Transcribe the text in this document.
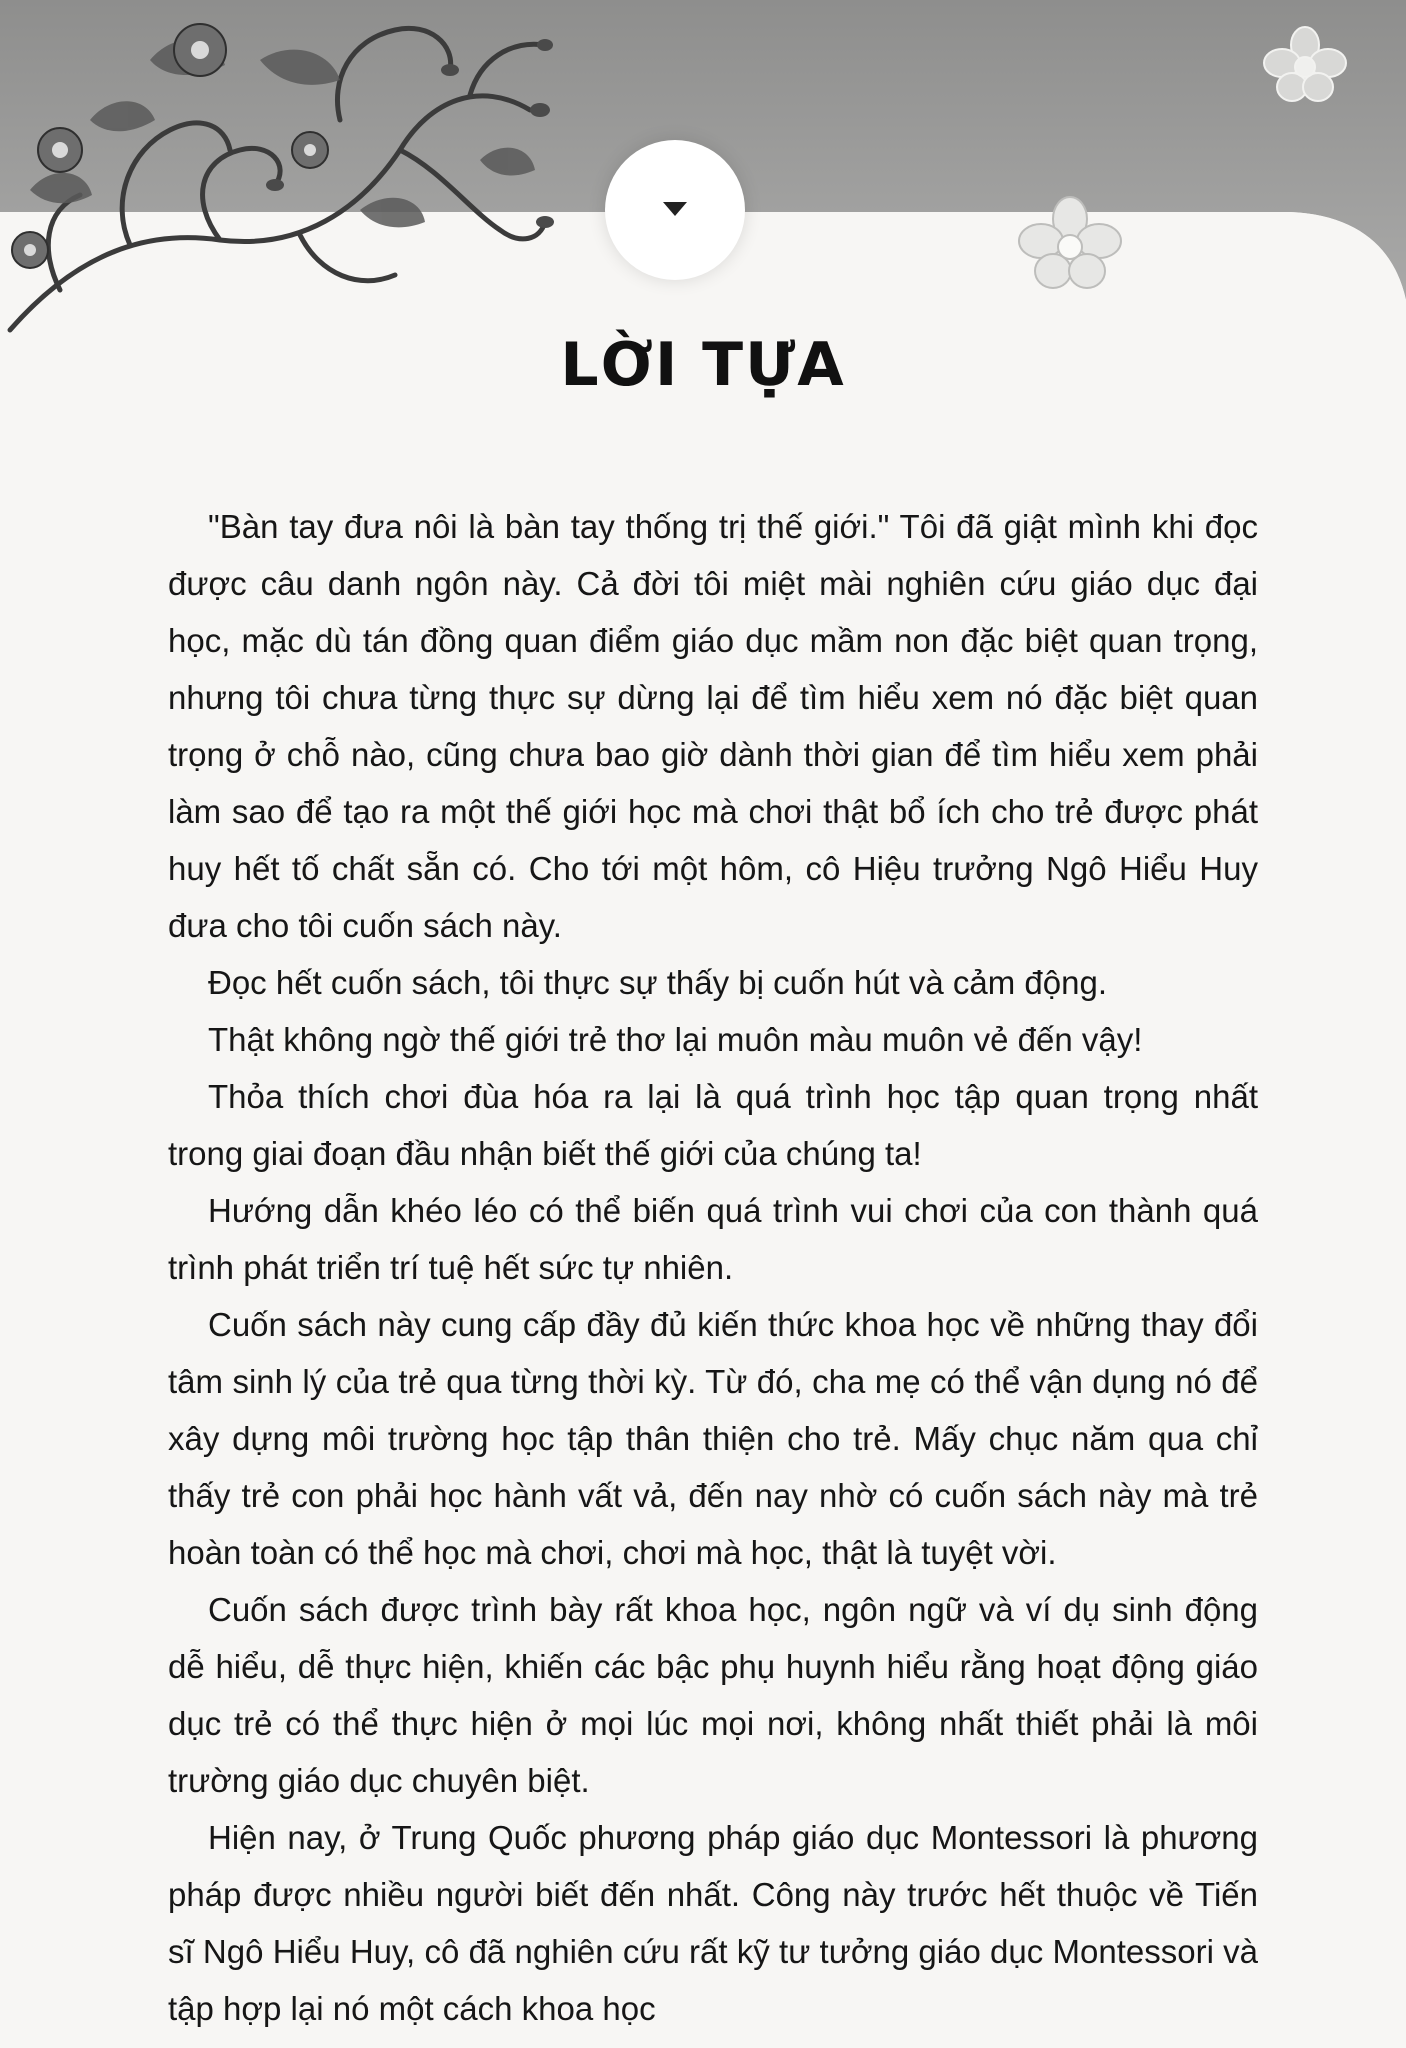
LỜI TỰA

"Bàn tay đưa nôi là bàn tay thống trị thế giới." Tôi đã giật mình khi đọc được câu danh ngôn này. Cả đời tôi miệt mài nghiên cứu giáo dục đại học, mặc dù tán đồng quan điểm giáo dục mầm non đặc biệt quan trọng, nhưng tôi chưa từng thực sự dừng lại để tìm hiểu xem nó đặc biệt quan trọng ở chỗ nào, cũng chưa bao giờ dành thời gian để tìm hiểu xem phải làm sao để tạo ra một thế giới học mà chơi thật bổ ích cho trẻ được phát huy hết tố chất sẵn có. Cho tới một hôm, cô Hiệu trưởng Ngô Hiểu Huy đưa cho tôi cuốn sách này.

Đọc hết cuốn sách, tôi thực sự thấy bị cuốn hút và cảm động.

Thật không ngờ thế giới trẻ thơ lại muôn màu muôn vẻ đến vậy!

Thỏa thích chơi đùa hóa ra lại là quá trình học tập quan trọng nhất trong giai đoạn đầu nhận biết thế giới của chúng ta!

Hướng dẫn khéo léo có thể biến quá trình vui chơi của con thành quá trình phát triển trí tuệ hết sức tự nhiên.

Cuốn sách này cung cấp đầy đủ kiến thức khoa học về những thay đổi tâm sinh lý của trẻ qua từng thời kỳ. Từ đó, cha mẹ có thể vận dụng nó để xây dựng môi trường học tập thân thiện cho trẻ. Mấy chục năm qua chỉ thấy trẻ con phải học hành vất vả, đến nay nhờ có cuốn sách này mà trẻ hoàn toàn có thể học mà chơi, chơi mà học, thật là tuyệt vời.

Cuốn sách được trình bày rất khoa học, ngôn ngữ và ví dụ sinh động dễ hiểu, dễ thực hiện, khiến các bậc phụ huynh hiểu rằng hoạt động giáo dục trẻ có thể thực hiện ở mọi lúc mọi nơi, không nhất thiết phải là môi trường giáo dục chuyên biệt.

Hiện nay, ở Trung Quốc phương pháp giáo dục Montessori là phương pháp được nhiều người biết đến nhất. Công này trước hết thuộc về Tiến sĩ Ngô Hiểu Huy, cô đã nghiên cứu rất kỹ tư tưởng giáo dục Montessori và tập hợp lại nó một cách khoa học
